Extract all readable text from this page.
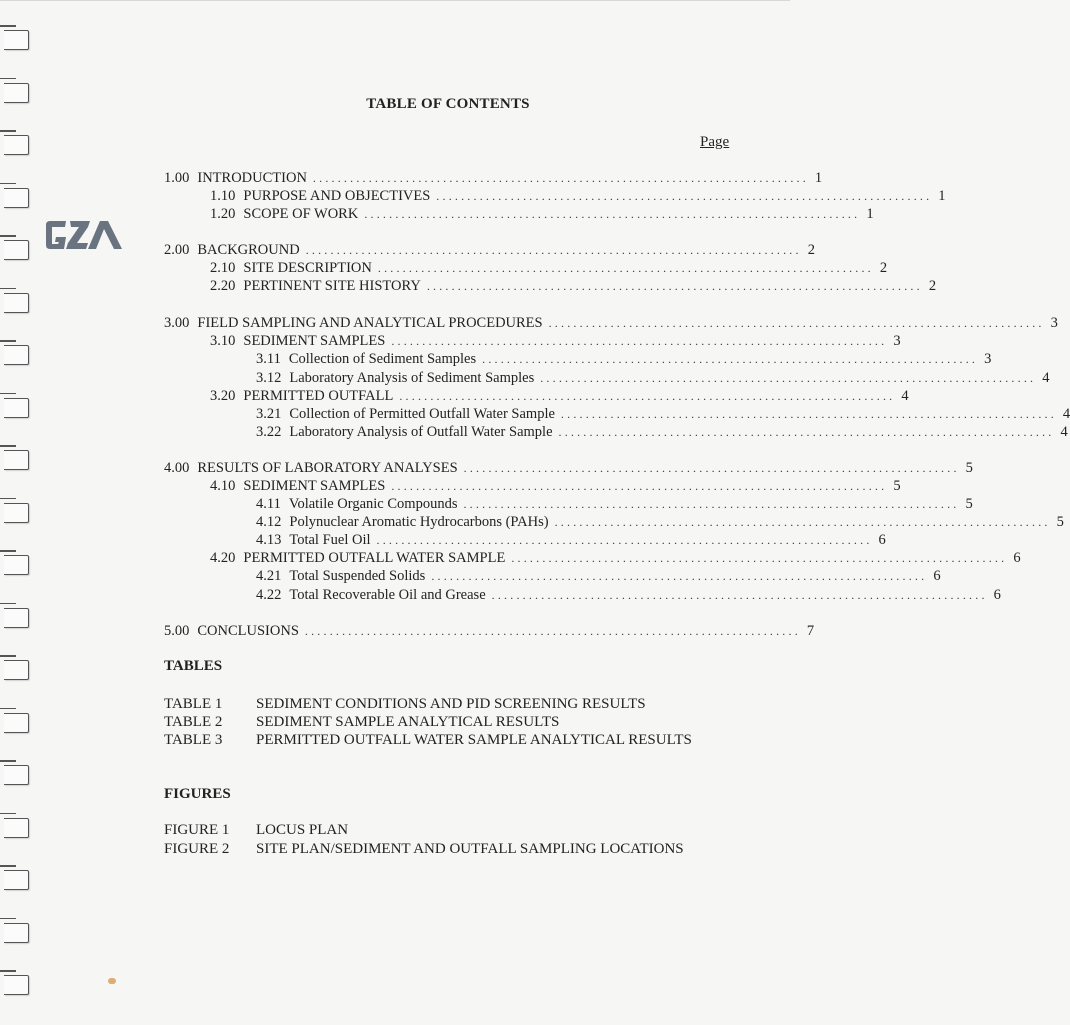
TABLE OF CONTENTS
Page
1.00 INTRODUCTION ................................................................................ 1
1.10 PURPOSE AND OBJECTIVES ................................................................................ 1
1.20 SCOPE OF WORK ................................................................................ 1
2.00 BACKGROUND ................................................................................ 2
2.10 SITE DESCRIPTION ................................................................................ 2
2.20 PERTINENT SITE HISTORY ................................................................................ 2
3.00 FIELD SAMPLING AND ANALYTICAL PROCEDURES ................................................................................ 3
3.10 SEDIMENT SAMPLES ................................................................................ 3
3.11 Collection of Sediment Samples ................................................................................ 3
3.12 Laboratory Analysis of Sediment Samples ................................................................................ 4
3.20 PERMITTED OUTFALL ................................................................................ 4
3.21 Collection of Permitted Outfall Water Sample ................................................................................ 4
3.22 Laboratory Analysis of Outfall Water Sample ................................................................................ 4
4.00 RESULTS OF LABORATORY ANALYSES ................................................................................ 5
4.10 SEDIMENT SAMPLES ................................................................................ 5
4.11 Volatile Organic Compounds ................................................................................ 5
4.12 Polynuclear Aromatic Hydrocarbons (PAHs) ................................................................................ 5
4.13 Total Fuel Oil ................................................................................ 6
4.20 PERMITTED OUTFALL WATER SAMPLE ................................................................................ 6
4.21 Total Suspended Solids ................................................................................ 6
4.22 Total Recoverable Oil and Grease ................................................................................ 6
5.00 CONCLUSIONS ................................................................................ 7
TABLES
TABLE 1 SEDIMENT CONDITIONS AND PID SCREENING RESULTS
TABLE 2 SEDIMENT SAMPLE ANALYTICAL RESULTS
TABLE 3 PERMITTED OUTFALL WATER SAMPLE ANALYTICAL RESULTS
FIGURES
FIGURE 1 LOCUS PLAN
FIGURE 2 SITE PLAN/SEDIMENT AND OUTFALL SAMPLING LOCATIONS
